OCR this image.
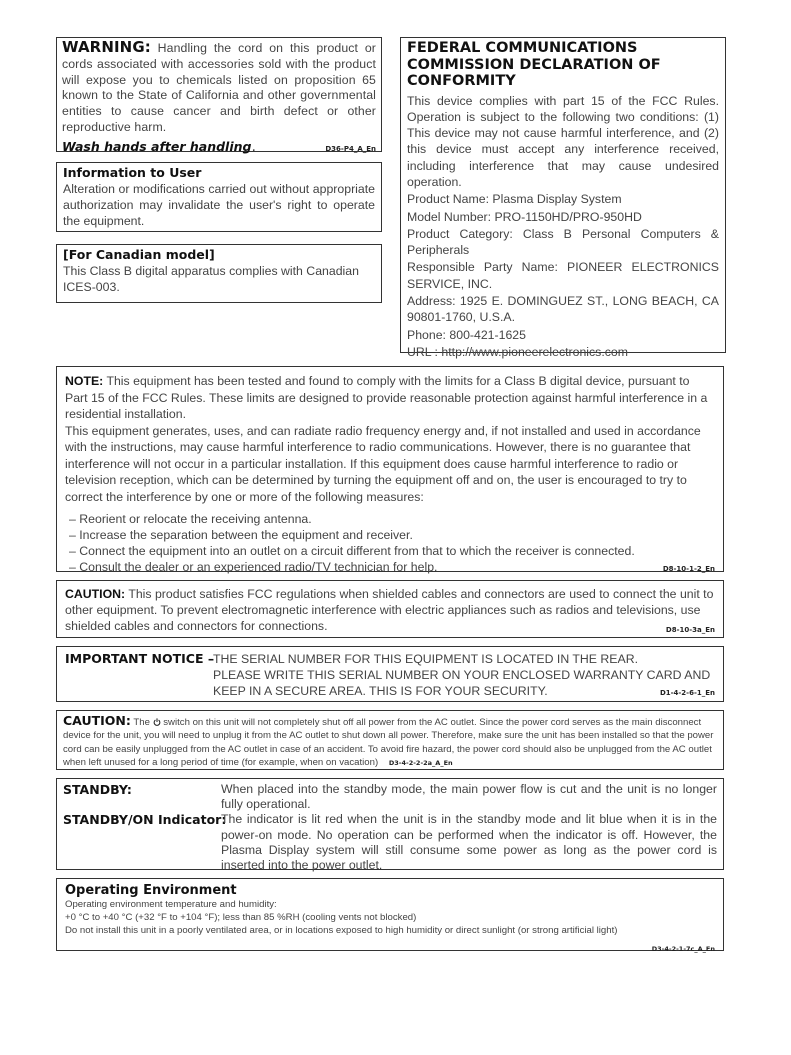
WARNING: Handling the cord on this product or cords associated with accessories sold with the product will expose you to chemicals listed on proposition 65 known to the State of California and other governmental entities to cause cancer and birth defect or other reproductive harm.
Wash hands after handling.	D36-P4_A_En
Information to User
Alteration or modifications carried out without appropriate authorization may invalidate the user's right to operate the equipment.
[For Canadian model]
This Class B digital apparatus complies with Canadian ICES-003.
FEDERAL COMMUNICATIONS COMMISSION DECLARATION OF CONFORMITY
This device complies with part 15 of the FCC Rules. Operation is subject to the following two conditions: (1) This device may not cause harmful interference, and (2) this device must accept any interference received, including interference that may cause undesired operation.
Product Name: Plasma Display System
Model Number: PRO-1150HD/PRO-950HD
Product Category: Class B Personal Computers & Peripherals
Responsible Party Name: PIONEER ELECTRONICS SERVICE, INC.
Address: 1925 E. DOMINGUEZ ST., LONG BEACH, CA 90801-1760, U.S.A.
Phone: 800-421-1625
URL : http://www.pioneerelectronics.com
NOTE: This equipment has been tested and found to comply with the limits for a Class B digital device, pursuant to Part 15 of the FCC Rules. These limits are designed to provide reasonable protection against harmful interference in a residential installation.
This equipment generates, uses, and can radiate radio frequency energy and, if not installed and used in accordance with the instructions, may cause harmful interference to radio communications. However, there is no guarantee that interference will not occur in a particular installation. If this equipment does cause harmful interference to radio or television reception, which can be determined by turning the equipment off and on, the user is encouraged to try to correct the interference by one or more of the following measures:
– Reorient or relocate the receiving antenna.
– Increase the separation between the equipment and receiver.
– Connect the equipment into an outlet on a circuit different from that to which the receiver is connected.
– Consult the dealer or an experienced radio/TV technician for help.	D8-10-1-2_En
CAUTION: This product satisfies FCC regulations when shielded cables and connectors are used to connect the unit to other equipment. To prevent electromagnetic interference with electric appliances such as radios and televisions, use shielded cables and connectors for connections.	D8-10-3a_En
IMPORTANT NOTICE –
THE SERIAL NUMBER FOR THIS EQUIPMENT IS LOCATED IN THE REAR.
PLEASE WRITE THIS SERIAL NUMBER ON YOUR ENCLOSED WARRANTY CARD AND
KEEP IN A SECURE AREA. THIS IS FOR YOUR SECURITY.	D1-4-2-6-1_En
CAUTION: The  switch on this unit will not completely shut off all power from the AC outlet. Since the power cord serves as the main disconnect device for the unit, you will need to unplug it from the AC outlet to shut down all power. Therefore, make sure the unit has been installed so that the power cord can be easily unplugged from the AC outlet in case of an accident. To avoid fire hazard, the power cord should also be unplugged from the AC outlet when left unused for a long period of time (for example, when on vacation) D3-4-2-2-2a_A_En
STANDBY:	When placed into the standby mode, the main power flow is cut and the unit is no longer fully operational.
STANDBY/ON Indicator:
The indicator is lit red when the unit is in the standby mode and lit blue when it is in the power-on mode. No operation can be performed when the indicator is off. However, the Plasma Display system will still consume some power as long as the power cord is inserted into the power outlet.
Operating Environment
Operating environment temperature and humidity:
+0 °C to +40 °C (+32 °F to +104 °F); less than 85 %RH (cooling vents not blocked)
Do not install this unit in a poorly ventilated area, or in locations exposed to high humidity or direct sunlight (or strong artificial light)
D3-4-2-1-7c_A_En
